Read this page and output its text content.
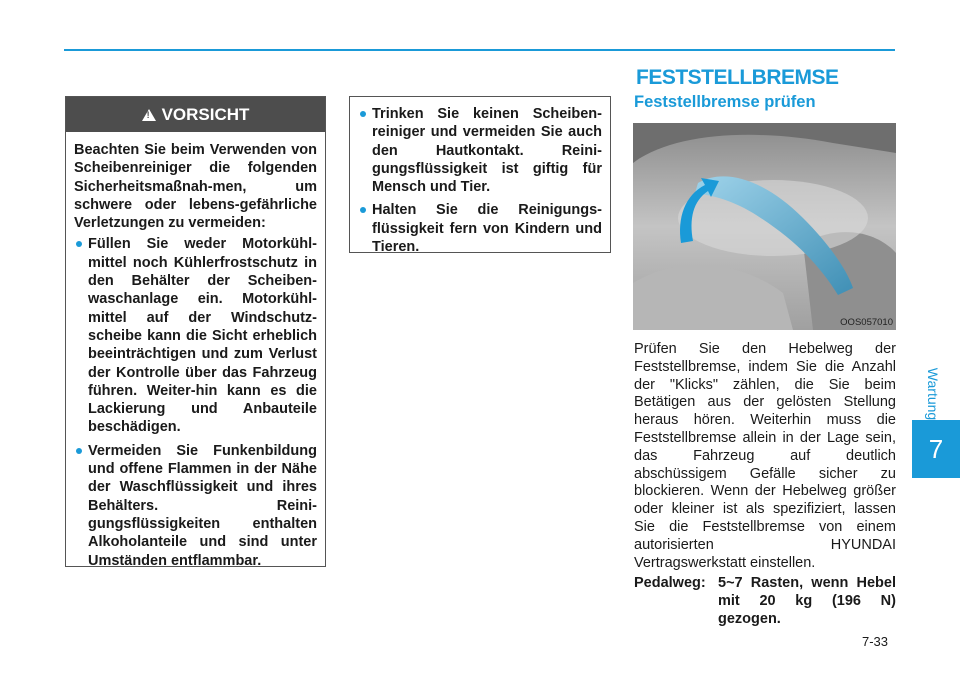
Wartung
7
!
VORSICHT

Beachten Sie beim Verwenden von Scheibenreiniger die folgenden Sicherheitsmaßnah-men, um schwere oder lebens-gefährliche Verletzungen zu vermeiden:

Füllen Sie weder Motorkühl-mittel noch Kühlerfrostschutz in den Behälter der Scheiben-waschanlage ein. Motorkühl-mittel auf der Windschutz-scheibe kann die Sicht erheblich beeinträchtigen und zum Verlust der Kontrolle über das Fahrzeug führen. Weiter-hin kann es die Lackierung und Anbauteile beschädigen.
Vermeiden Sie Funkenbildung und offene Flammen in der Nähe der Waschflüssigkeit und ihres Behälters. Reini-gungsflüssigkeiten enthalten Alkoholanteile und sind unter Umständen entflammbar.
Trinken Sie keinen Scheiben-reiniger und vermeiden Sie auch den Hautkontakt. Reini-gungsflüssigkeit ist giftig für Mensch und Tier.
Halten Sie die Reinigungs-flüssigkeit fern von Kindern und Tieren.
FESTSTELLBREMSE
Feststellbremse prüfen
OOS057010
Prüfen Sie den Hebelweg der Feststellbremse, indem Sie die Anzahl der "Klicks" zählen, die Sie beim Betätigen aus der gelösten Stellung heraus hören. Weiterhin muss die Feststellbremse allein in der Lage sein, das Fahrzeug auf deutlich abschüssigem Gefälle sicher zu blockieren. Wenn der Hebelweg größer oder kleiner ist als spezifiziert, lassen Sie die Feststellbremse von einem autorisierten HYUNDAI Vertragswerkstatt einstellen.
Pedalweg: 5~7 Rasten, wenn Hebel mit 20 kg (196 N) gezogen.
7-33
